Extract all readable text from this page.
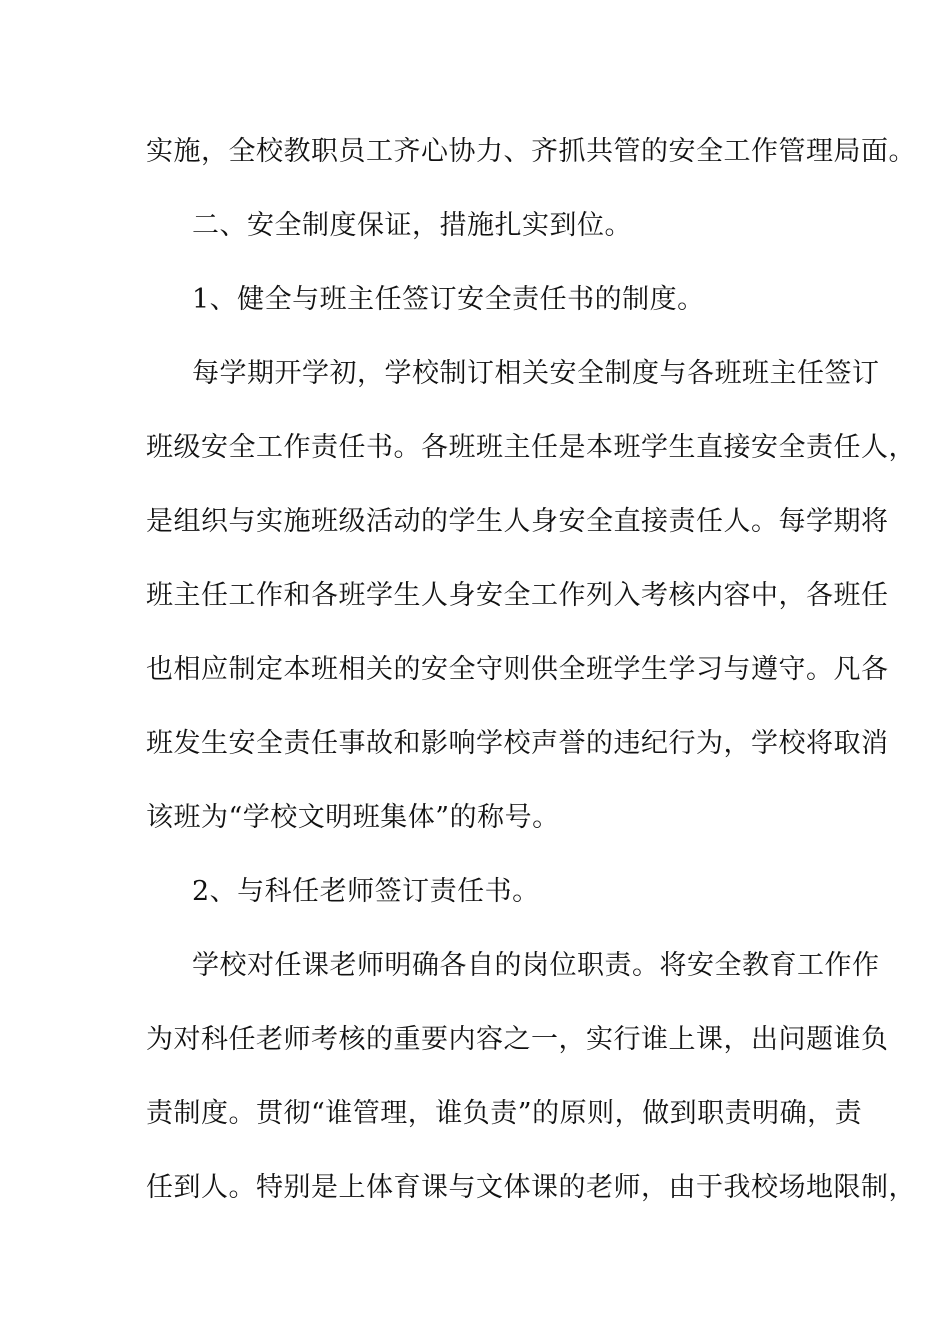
实施，全校教职员工齐心协力、齐抓共管的安全工作管理局面。
二、安全制度保证，措施扎实到位。
1、健全与班主任签订安全责任书的制度。
每学期开学初，学校制订相关安全制度与各班班主任签订
班级安全工作责任书。各班班主任是本班学生直接安全责任人，
是组织与实施班级活动的学生人身安全直接责任人。每学期将
班主任工作和各班学生人身安全工作列入考核内容中，各班任
也相应制定本班相关的安全守则供全班学生学习与遵守。凡各
班发生安全责任事故和影响学校声誉的违纪行为，学校将取消
该班为“学校文明班集体”的称号。
2、与科任老师签订责任书。
学校对任课老师明确各自的岗位职责。将安全教育工作作
为对科任老师考核的重要内容之一，实行谁上课，出问题谁负
责制度。贯彻“谁管理，谁负责”的原则，做到职责明确，责
任到人。特别是上体育课与文体课的老师，由于我校场地限制，
